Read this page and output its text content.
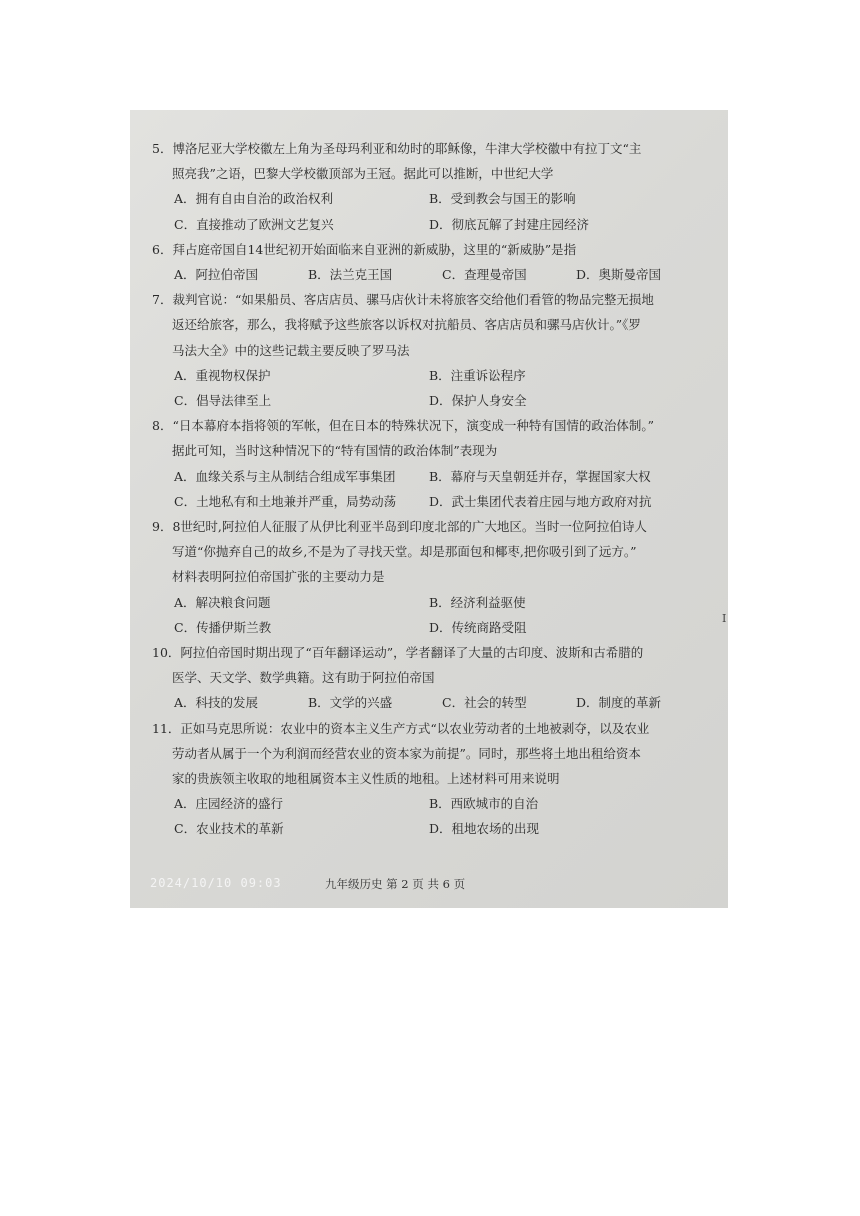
5．博洛尼亚大学校徽左上角为圣母玛利亚和幼时的耶稣像，牛津大学校徽中有拉丁文“主
照亮我”之语，巴黎大学校徽顶部为王冠。据此可以推断，中世纪大学
A．拥有自由自治的政治权利	B．受到教会与国王的影响
C．直接推动了欧洲文艺复兴	D．彻底瓦解了封建庄园经济
6．拜占庭帝国自14世纪初开始面临来自亚洲的新威胁，这里的“新威胁”是指
A．阿拉伯帝国	B．法兰克王国	C．查理曼帝国	D．奥斯曼帝国
7．裁判官说：“如果船员、客店店员、骡马店伙计未将旅客交给他们看管的物品完整无损地
返还给旅客，那么，我将赋予这些旅客以诉权对抗船员、客店店员和骡马店伙计。”《罗
马法大全》中的这些记载主要反映了罗马法
A．重视物权保护	B．注重诉讼程序
C．倡导法律至上	D．保护人身安全
8．“日本幕府本指将领的军帐，但在日本的特殊状况下，演变成一种特有国情的政治体制。”
据此可知，当时这种情况下的“特有国情的政治体制”表现为
A．血缘关系与主从制结合组成军事集团	B．幕府与天皇朝廷并存，掌握国家大权
C．土地私有和土地兼并严重，局势动荡	D．武士集团代表着庄园与地方政府对抗
9．8世纪时,阿拉伯人征服了从伊比利亚半岛到印度北部的广大地区。当时一位阿拉伯诗人
写道“你抛弃自己的故乡,不是为了寻找天堂。却是那面包和椰枣,把你吸引到了远方。”
材料表明阿拉伯帝国扩张的主要动力是
A．解决粮食问题	B．经济利益驱使
C．传播伊斯兰教	D．传统商路受阻
10．阿拉伯帝国时期出现了“百年翻译运动”，学者翻译了大量的古印度、波斯和古希腊的
医学、天文学、数学典籍。这有助于阿拉伯帝国
A．科技的发展	B．文学的兴盛	C．社会的转型	D．制度的革新
11．正如马克思所说：农业中的资本主义生产方式“以农业劳动者的土地被剥夺，以及农业
劳动者从属于一个为利润而经营农业的资本家为前提”。同时，那些将土地出租给资本
家的贵族领主收取的地租属资本主义性质的地租。上述材料可用来说明
A．庄园经济的盛行	B．西欧城市的自治
C．农业技术的革新	D．租地农场的出现
I
2024/10/10 09:03	九年级历史 第 2 页 共 6 页
